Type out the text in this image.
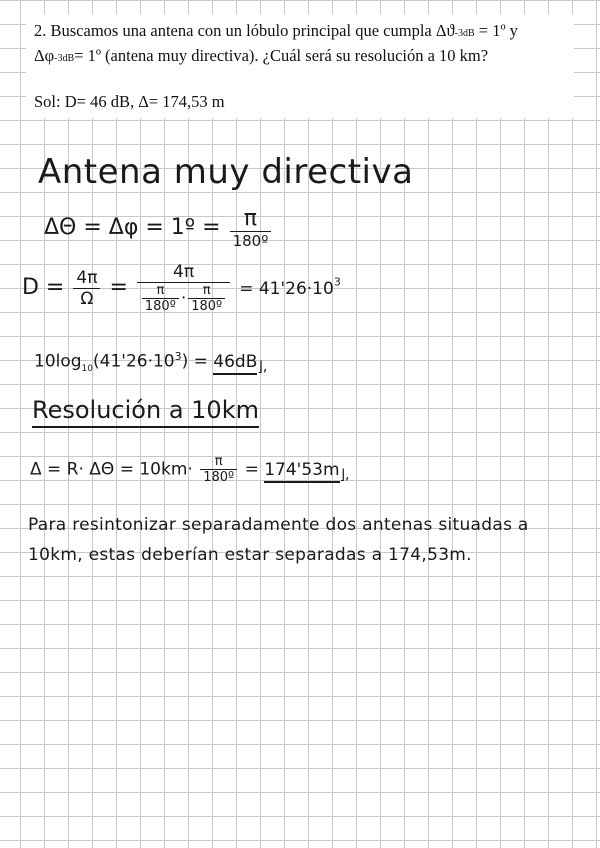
2. Buscamos una antena con un lóbulo principal que cumpla Δϑ-3dB = 1º y Δφ-3dB= 1º (antena muy directiva). ¿Cuál será su resolución a 10 km?
Sol: D= 46 dB, Δ= 174,53 m
Antena muy directiva
ΔΘ = Δφ = 1º = $\frac{\pi}{\text{180º}}$
$D = \frac{4\pi}{\Omega} = \frac{4\pi}{\frac{\pi}{\text{180º}} \cdot \frac{\pi}{\text{180º}}} = 41'26\cdot 10^3$
$10\log_{10}(41'26\cdot 10^3)$ = 46dB⌋,
Resolución a 10km
$\Delta = R\cdot \Delta\Theta = 10km\cdot \frac{\pi}{\text{180º}}$ = 174'53m⌋,
Para resintonizar separadamente dos antenas situadas a 10km, estas deberían estar separadas a 174,53m.
